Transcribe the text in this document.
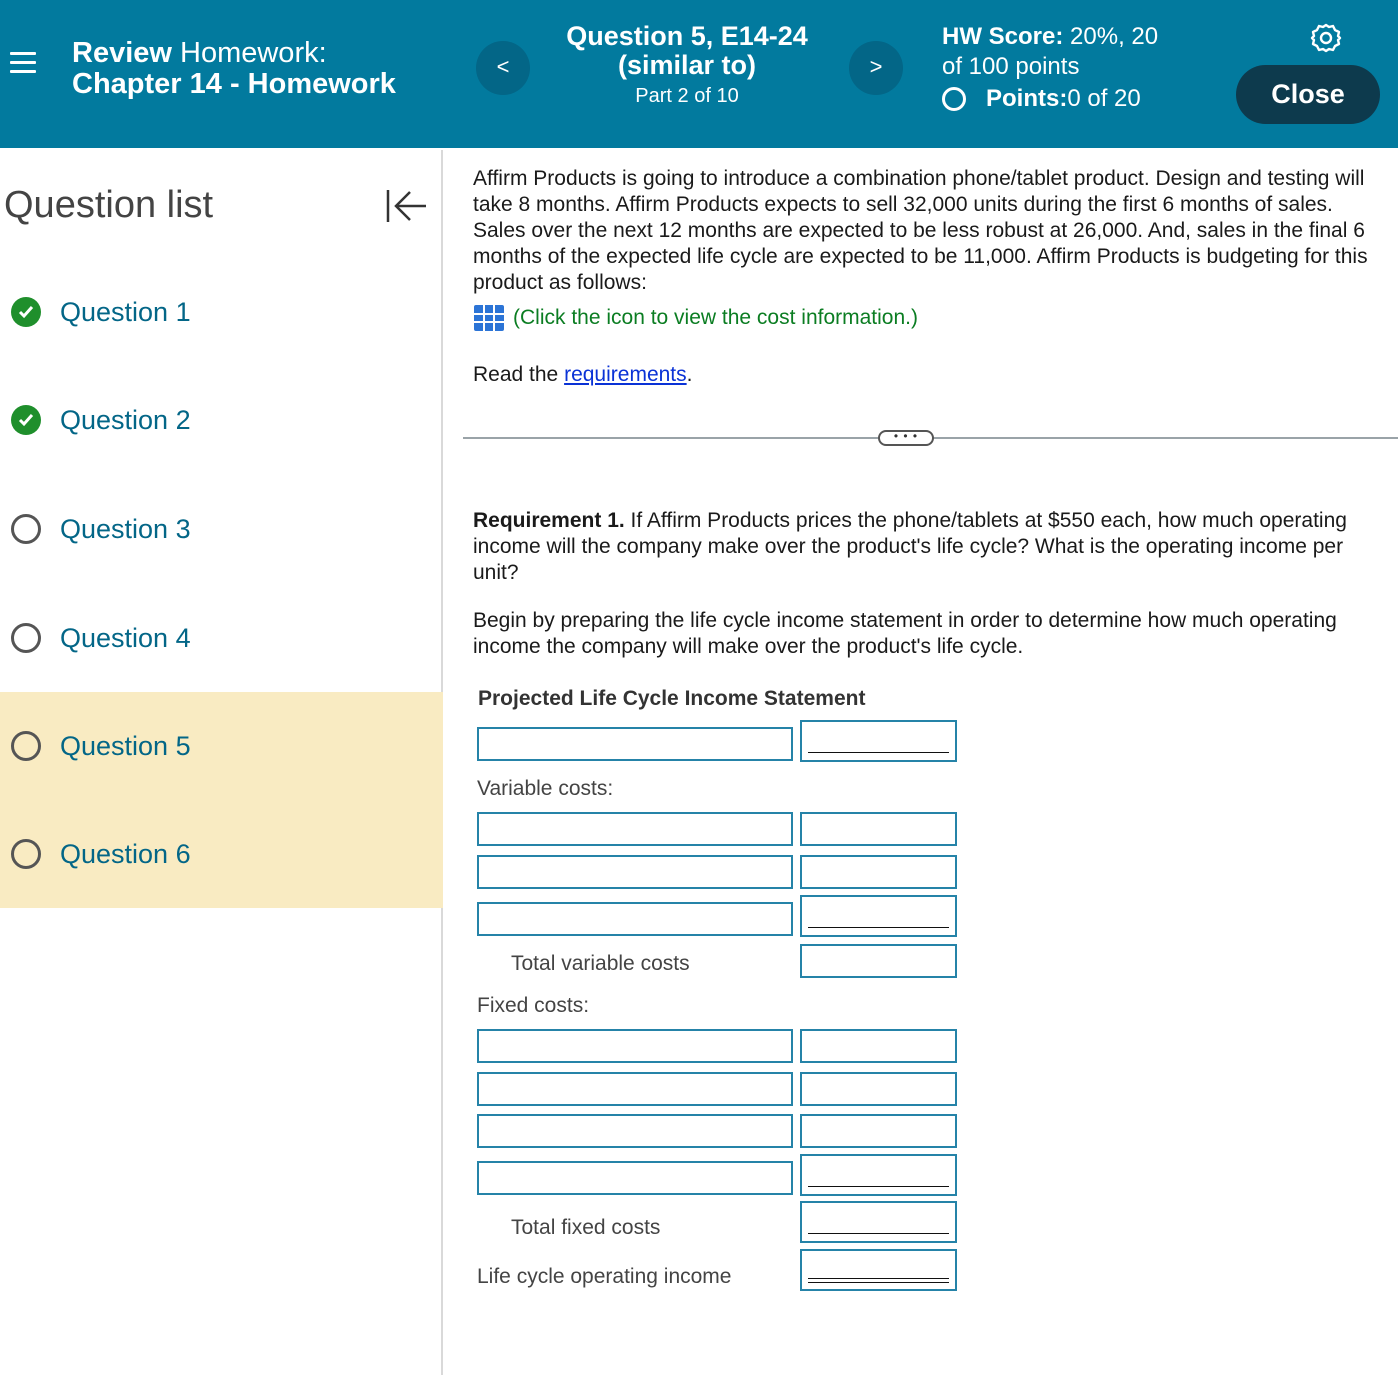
Review Homework:
Chapter 14 - Homework
<
Question 5, E14-24
(similar to)
Part 2 of 10
>
HW Score: 20%, 20
of 100 points
Points: 0 of 20	Close
Question list
Question 1
Question 2
Question 3
Question 4
Question 5
Question 6

Affirm Products is going to introduce a combination phone/tablet product. Design and testing will take 8 months. Affirm Products expects to sell 32,000 units during the first 6 months of sales. Sales over the next 12 months are expected to be less robust at 26,000. And, sales in the final 6 months of the expected life cycle are expected to be 11,000. Affirm Products is budgeting for this product as follows:

(Click the icon to view the cost information.)
Read the requirements.
• • •
Requirement 1. If Affirm Products prices the phone/tablets at $550 each, how much operating income will the company make over the product's life cycle? What is the operating income per unit?
Begin by preparing the life cycle income statement in order to determine how much operating income the company will make over the product's life cycle.
Projected Life Cycle Income Statement
Variable costs:
Total variable costs
Fixed costs:
Total fixed costs
Life cycle operating income
